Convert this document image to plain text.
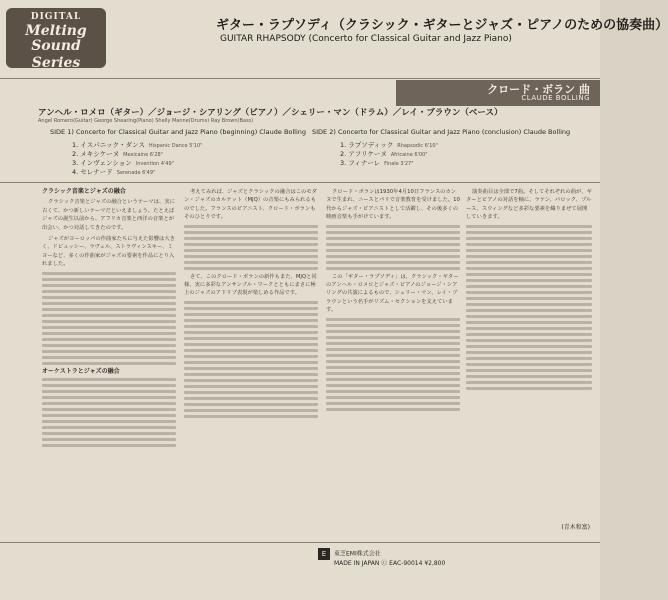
DIGITAL
Melting Sound
Series
ギター・ラプソディ（クラシック・ギターとジャズ・ピアノのための協奏曲）
GUITAR RHAPSODY (Concerto for Classical Guitar and Jazz Piano)
クロード・ボラン 曲
CLAUDE BOLLING
アンヘル・ロメロ（ギター）／ジョージ・シアリング（ピアノ）／シェリー・マン（ドラム）／レイ・ブラウン（ベース）
Angel Romero(Guitar) George Shearing(Piano) Shelly Manne(Drums) Ray Brown(Bass)
SIDE 1) Concerto for Classical Guitar and Jazz Piano (beginning) Claude Bolling
1. イスパニック・ダンス Hispanic Dance 5'10"
2. メキシケーヌ Mexicaine 6'28"
3. インヴェンション Invention 4'49"
4. セレナード Serenade 6'49"
SIDE 2) Concerto for Classical Guitar and Jazz Piano (conclusion) Claude Bolling
1. ラプソディック Rhapsodic 6'10"
2. アフリケーヌ Africaine 6'00"
3. フィナーレ Finale 3'27"
クラシック音楽とジャズの融合

クラシック音楽とジャズの融合というテーマは、実に古くて、かつ新しいテーマだといえましょう。たとえばジャズの誕生以前から、アフリカ音楽と西洋の音楽とが出会い、かつ対話してきたのです。

ジャズがヨーロッパの作曲家たちに与えた影響は大きく、ドビュッシー、ラヴェル、ストラヴィンスキー、ミヨーなど、多くの作曲家がジャズの要素を作品にとり入れました。

オーケストラとジャズの融合

考えてみれば、ジャズとクラシックの融合はこのモダン・ジャズのカルテット（MJQ）の音楽にもみられるものでした。フランスのピアニスト、クロード・ボランもそのひとりです。

さて、このクロード・ボランの新作もまた、MJQと同様、実に多彩なアンサンブル・ワークとともにまさに極上のジャズのアドリブ表現が楽しめる作品です。

クロード・ボランは1930年4月10日フランスのカンヌで生まれ、ニースとパリで音楽教育を受けました。10代からジャズ・ピアニストとして活躍し、その後多くの映画音楽も手がけています。

この「ギター・ラプソディ」は、クラシック・ギターのアンヘル・ロメロとジャズ・ピアノのジョージ・シアリングの共演によるもので、シェリー・マン、レイ・ブラウンという名手がリズム・セクションを支えています。

演奏曲目は全部で7曲。そしてそれぞれの曲が、ギターとピアノの対話を軸に、ラテン、バロック、ブルース、スウィングなど多彩な要素を織りまぜて展開していきます。

(青木和富)
E 東芝EMI株式会社
MADE IN JAPAN Ⓒ EAC-90014 ¥2,800
